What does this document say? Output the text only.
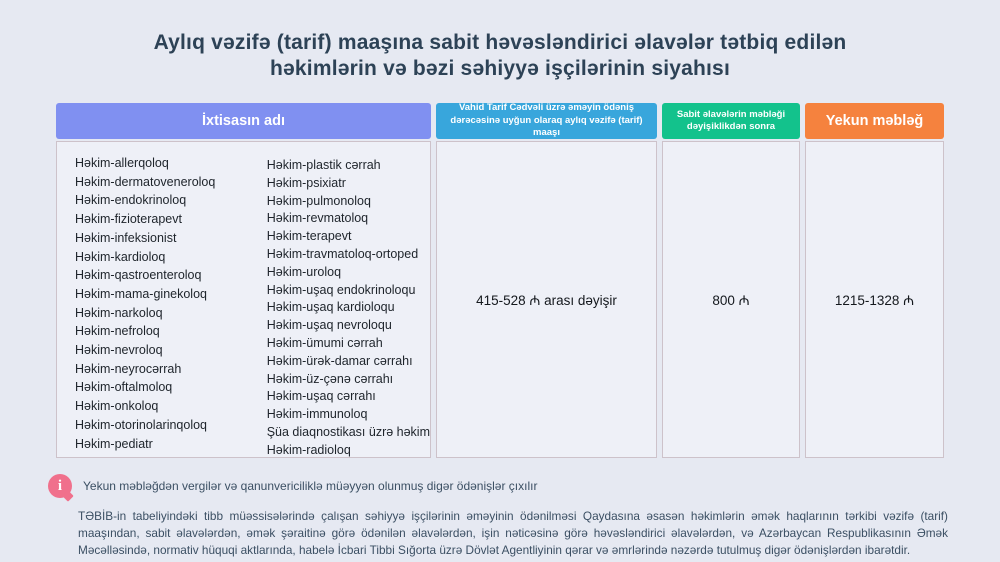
Aylıq vəzifə (tarif) maaşına sabit həvəsləndirici əlavələr tətbiq edilən
həkimlərin və bəzi səhiyyə işçilərinin siyahısı
İxtisasın adı
Həkim-allerqoloq
Həkim-dermatoveneroloq
Həkim-endokrinoloq
Həkim-fizioterapevt
Həkim-infeksionist
Həkim-kardioloq
Həkim-qastroenteroloq
Həkim-mama-ginekoloq
Həkim-narkoloq
Həkim-nefroloq
Həkim-nevroloq
Həkim-neyrocərrah
Həkim-oftalmoloq
Həkim-onkoloq
Həkim-otorinolarinqoloq
Həkim-pediatr
Həkim-plastik cərrah
Həkim-psixiatr
Həkim-pulmonoloq
Həkim-revmatoloq
Həkim-terapevt
Həkim-travmatoloq-ortoped
Həkim-uroloq
Həkim-uşaq endokrinoloqu
Həkim-uşaq kardioloqu
Həkim-uşaq nevroloqu
Həkim-ümumi cərrah
Həkim-ürək-damar cərrahı
Həkim-üz-çənə cərrahı
Həkim-uşaq cərrahı
Həkim-immunoloq
Şüa diaqnostikası üzrə həkim
Həkim-radioloq
Vahid Tarif Cədvəli üzrə əməyin ödəniş dərəcəsinə uyğun olaraq aylıq vəzifə (tarif) maaşı
415-528 ₼ arası dəyişir
Sabit əlavələrin məbləği dəyişiklikdən sonra
800 ₼
Yekun məbləğ
1215-1328 ₼
i Yekun məbləğdən vergilər və qanunvericiliklə müəyyən olunmuş digər ödənişlər çıxılır
TƏBİB-in tabeliyindəki tibb müəssisələrində çalışan səhiyyə işçilərinin əməyinin ödənilməsi Qaydasına əsasən həkimlərin əmək haqlarının tərkibi vəzifə (tarif) maaşından, sabit əlavələrdən, əmək şəraitinə görə ödənilən əlavələrdən, işin nəticəsinə görə həvəsləndirici əlavələrdən, və Azərbaycan Respublikasının Əmək Məcəlləsində, normativ hüquqi aktlarında, habelə İcbari Tibbi Sığorta üzrə Dövlət Agentliyinin qərar və əmrlərində nəzərdə tutulmuş digər ödənişlərdən ibarətdir.
